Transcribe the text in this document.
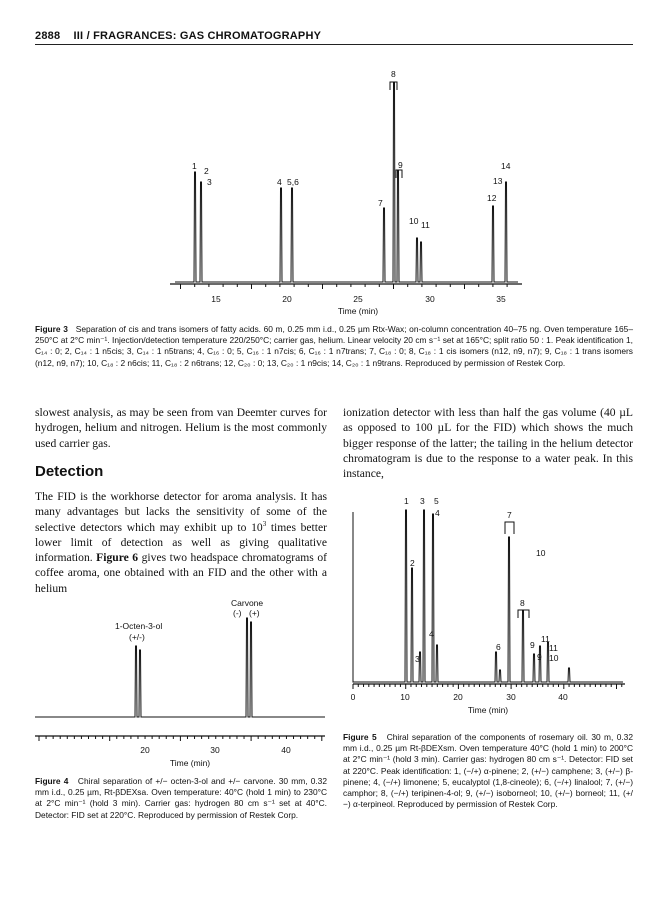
2888 III / FRAGRANCES: GAS CHROMATOGRAPHY
1 2
3	4 5,6
7
8
9
10 11
12
13
14
15	20	25	30	35
Time (min)
Figure 3 Separation of cis and trans isomers of fatty acids. 60 m, 0.25 mm i.d., 0.25 µm Rtx-Wax; on-column concentration 40–75 ng. Oven temperature 165–250°C at 2°C min⁻¹. Injection/detection temperature 220/250°C; carrier gas, helium. Linear velocity 20 cm s⁻¹ set at 165°C; split ratio 50 : 1. Peak identification 1, C₁₄ : 0; 2, C₁₄ : 1 n5cis; 3, C₁₄ : 1 n5trans; 4, C₁₆ : 0; 5, C₁₆ : 1 n7cis; 6, C₁₆ : 1 n7trans; 7, C₁₈ : 0; 8, C₁₈ : 1 cis isomers (n12, n9, n7); 9, C₁₈ : 1 trans isomers (n12, n9, n7); 10, C₁₈ : 2 n6cis; 11, C₁₈ : 2 n6trans; 12, C₂₀ : 0; 13, C₂₀ : 1 n9cis; 14, C₂₀ : 1 n9trans. Reproduced by permission of Restek Corp.
slowest analysis, as may be seen from van Deemter curves for hydrogen, helium and nitrogen. Helium is the most commonly used carrier gas.
Detection
The FID is the workhorse detector for aroma analysis. It has many advantages but lacks the sensitivity of some of the selective detectors which may exhibit up to $10^3$ times better lower limit of detection as well as giving qualitative information. Figure 6 gives two headspace chromatograms of coffee aroma, one obtained with an FID and the other with a helium
ionization detector with less than half the gas volume (40 µL as opposed to 100 µL for the FID) which shows the much bigger response of the latter; the tailing in the helium detector chromatogram is due to the response to a water peak. In this instance,
1-Octen-3-ol
(+/-)
Carvone
(-) (+)
20	30	40
Time (min)
Figure 4 Chiral separation of +/− octen-3-ol and +/− carvone. 30 mm, 0.32 mm i.d., 0.25 µm, Rt-βDEXsa. Oven temperature: 40°C (hold 1 min) to 230°C at 2°C min⁻¹ (hold 3 min). Carrier gas: hydrogen 80 cm s⁻¹ set at 40°C. Detector: FID set at 220°C. Reproduced by permission of Restek Corp.
1
2
3
4
5
6
7
8
9
10
11
11
10
9
4
3
0	10	20	30	40
Time (min)
Figure 5 Chiral separation of the components of rosemary oil. 30 m, 0.32 mm i.d., 0.25 µm Rt-βDEXsm. Oven temperature 40°C (hold 1 min) to 200°C at 2°C min⁻¹ (hold 3 min). Carrier gas: hydrogen 80 cm s⁻¹. Detector: FID set at 220°C. Peak identification: 1, (−/+) α-pinene; 2, (+/−) camphene; 3, (+/−) β-pinene; 4, (−/+) limonene; 5, eucalyptol (1,8-cineole); 6, (−/+) linalool; 7, (+/−) camphor; 8, (−/+) teripinen-4-ol; 9, (+/−) isoborneol; 10, (+/−) borneol; 11, (+/−) α-terpineol. Reproduced by permission of Restek Corp.
